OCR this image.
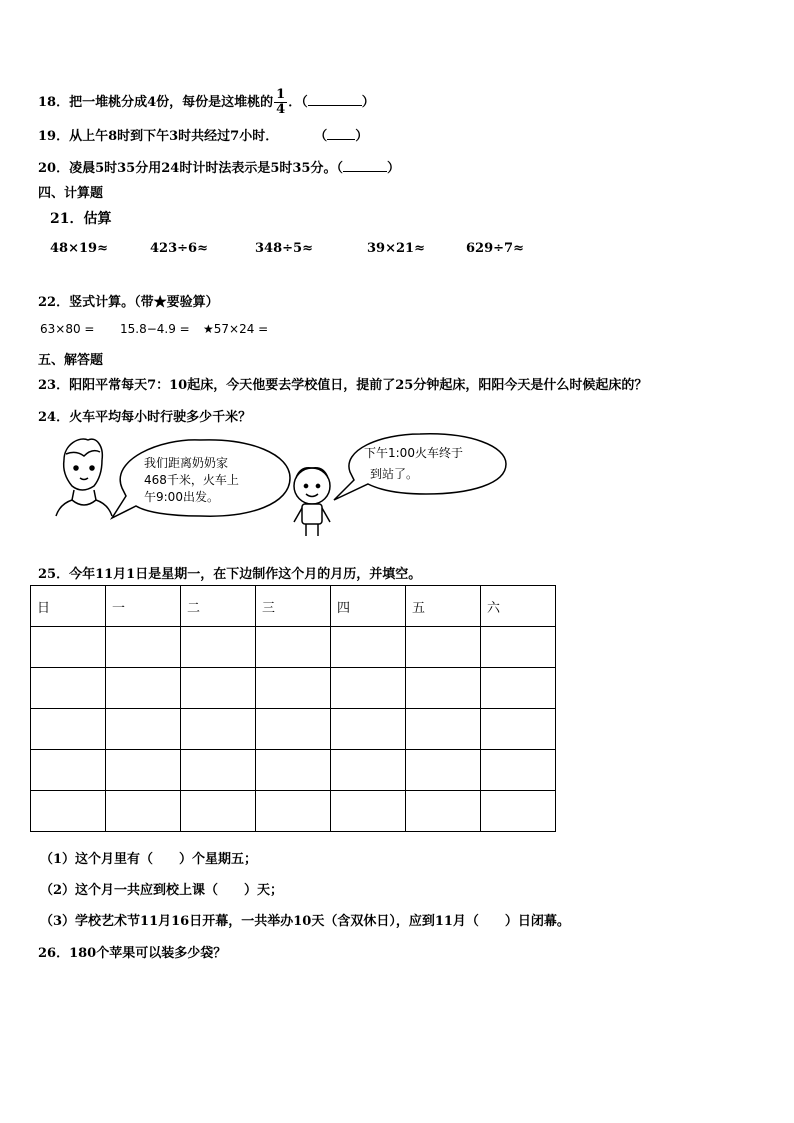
18．把一堆桃分成4份，每份是这堆桃的 $\frac{1}{4}$ ．（	）
19．从上午8时到下午3时共经过7小时．	（ ）
20．凌晨5时35分用24时计时法表示是5时35分。（	）
四、计算题
21．估算
48×19≈	423÷6≈	348÷5≈	39×21≈	629÷7≈
22．竖式计算。（带★要验算）
63×80 = 15.8−4.9 = ★57×24 =
五、解答题
23．阳阳平常每天7：10起床，今天他要去学校值日，提前了25分钟起床，阳阳今天是什么时候起床的？
24．火车平均每小时行驶多少千米？
我们距离奶奶家
468千米，火车上
午9:00出发。
下午1:00火车终于
到站了。
25．今年11月1日是星期一，在下边制作这个月的月历，并填空。
日	一	二	三	四	五	六

（1）这个月里有（　　）个星期五；
（2）这个月一共应到校上课（　　）天；
（3）学校艺术节11月16日开幕，一共举办10天（含双休日），应到11月（　　）日闭幕。
26．180个苹果可以装多少袋？
